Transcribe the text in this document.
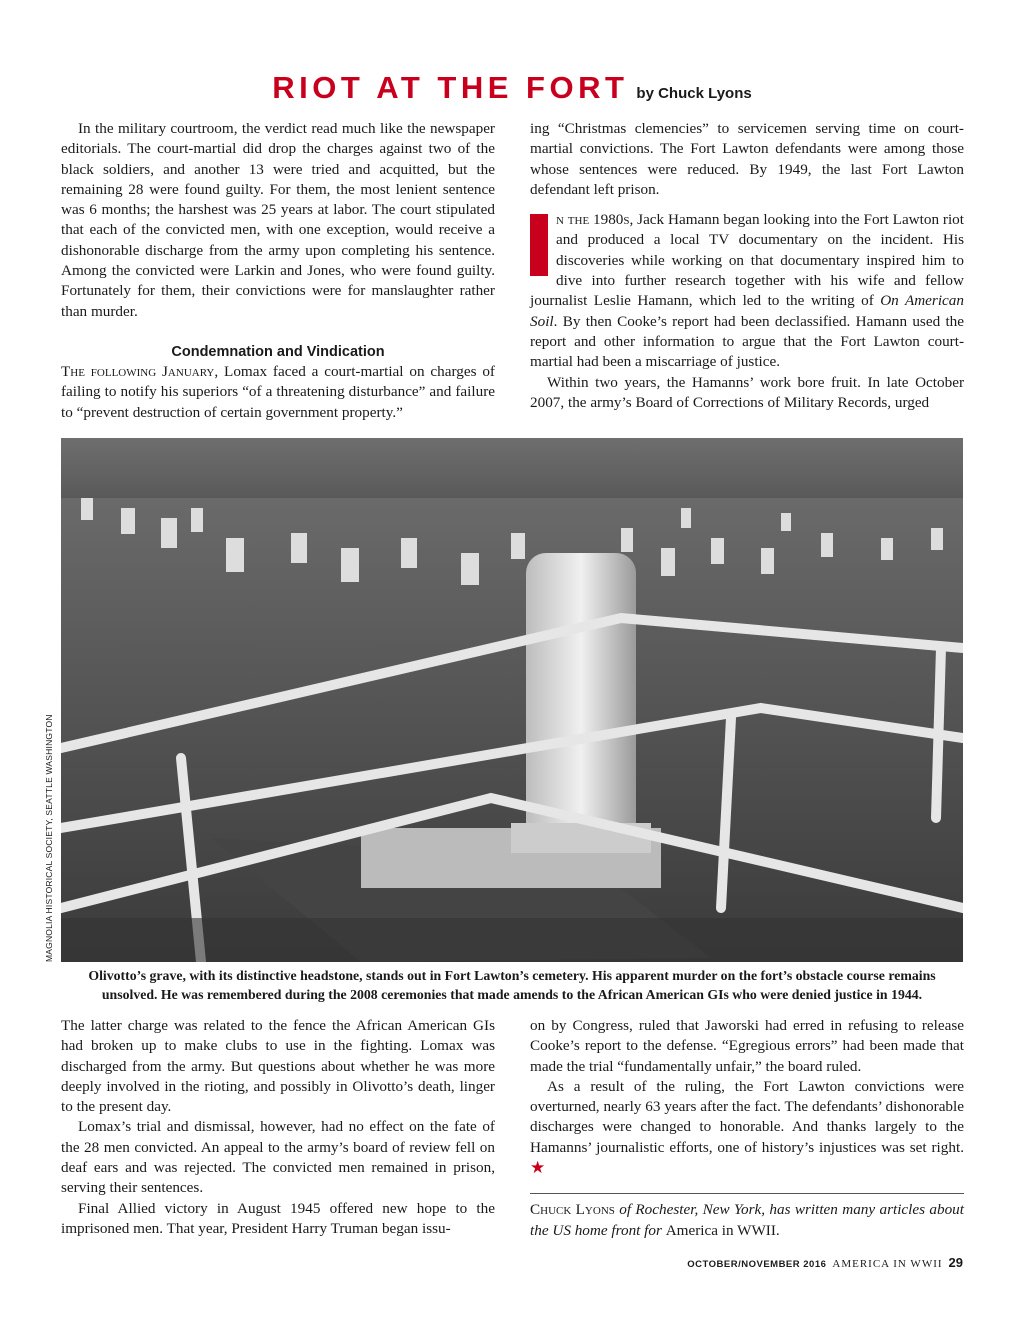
RIOT AT THE FORT by Chuck Lyons

In the military courtroom, the verdict read much like the newspaper editorials. The court-martial did drop the charges against two of the black soldiers, and another 13 were tried and acquitted, but the remaining 28 were found guilty. For them, the most lenient sentence was 6 months; the harshest was 25 years at labor. The court stipulated that each of the convicted men, with one exception, would receive a dishonorable discharge from the army upon completing his sentence. Among the convicted were Larkin and Jones, who were found guilty. Fortunately for them, their convictions were for manslaughter rather than murder.

Condemnation and Vindication

The following January, Lomax faced a court-martial on charges of failing to notify his superiors “of a threatening disturbance” and failure to “prevent destruction of certain government property.”

ing “Christmas clemencies” to servicemen serving time on court-martial convictions. The Fort Lawton defendants were among those whose sentences were reduced. By 1949, the last Fort Lawton defendant left prison.

n the 1980s, Jack Hamann began looking into the Fort Lawton riot and produced a local TV documentary on the incident. His discoveries while working on that documentary inspired him to dive into further research together with his wife and fellow journalist Leslie Hamann, which led to the writing of On American Soil. By then Cooke’s report had been declassified. Hamann used the report and other information to argue that the Fort Lawton court-martial had been a miscarriage of justice.

Within two years, the Hamanns’ work bore fruit. In late October 2007, the army’s Board of Corrections of Military Records, urged

MAGNOLIA HISTORICAL SOCIETY, SEATTLE WASHINGTON
Olivotto’s grave, with its distinctive headstone, stands out in Fort Lawton’s cemetery. His apparent murder on the fort’s obstacle course remains unsolved. He was remembered during the 2008 ceremonies that made amends to the African American GIs who were denied justice in 1944.

The latter charge was related to the fence the African American GIs had broken up to make clubs to use in the fighting. Lomax was discharged from the army. But questions about whether he was more deeply involved in the rioting, and possibly in Olivotto’s death, linger to the present day.

Lomax’s trial and dismissal, however, had no effect on the fate of the 28 men convicted. An appeal to the army’s board of review fell on deaf ears and was rejected. The convicted men remained in prison, serving their sentences.

Final Allied victory in August 1945 offered new hope to the imprisoned men. That year, President Harry Truman began issu-

on by Congress, ruled that Jaworski had erred in refusing to release Cooke’s report to the defense. “Egregious errors” had been made that made the trial “fundamentally unfair,” the board ruled.

As a result of the ruling, the Fort Lawton convictions were overturned, nearly 63 years after the fact. The defendants’ dishonorable discharges were changed to honorable. And thanks largely to the Hamanns’ journalistic efforts, one of history’s injustices was set right. ★

Chuck Lyons of Rochester, New York, has written many articles about the US home front for America in WWII.

OCTOBER/NOVEMBER 2016 AMERICA IN WWII 29
